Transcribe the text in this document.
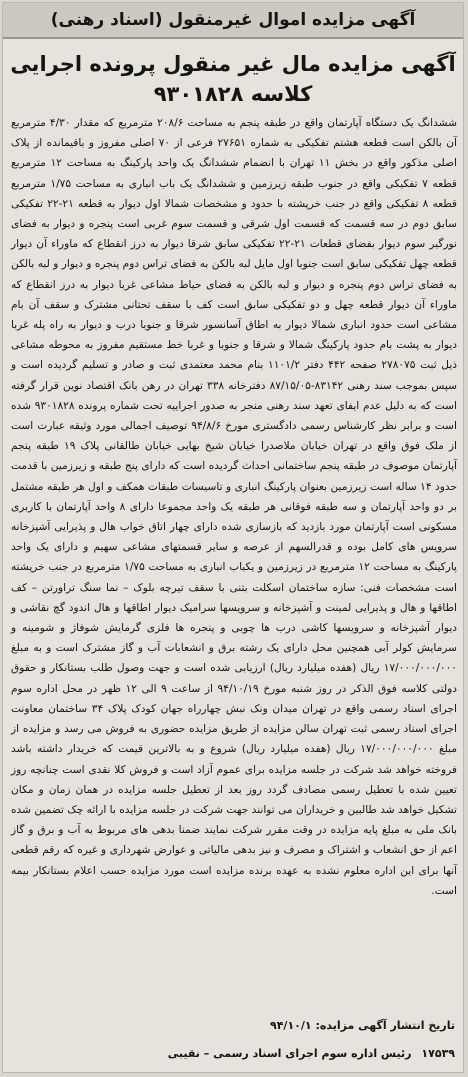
آگهی مزایده اموال غیرمنقول (اسناد رهنی)
آگهی مزایده مال غیر منقول پرونده اجرایی
کلاسه ۹۳۰۱۸۲۸

ششدانگ یک دستگاه آپارتمان واقع در طبقه پنجم به مساحت ۲۰۸/۶ مترمربع که مقدار ۴/۳۰ مترمربع آن بالکن است قطعه هشتم تفکیکی به شماره ۲۷۶۵۱ فرعی از ۷۰ اصلی مفروز و باقیمانده از پلاک اصلی مذکور واقع در بخش ۱۱ تهران با انضمام ششدانگ یک واحد پارکینگ به مساحت ۱۲ مترمربع قطعه ۷ تفکیکی واقع در جنوب طبقه زیرزمین و ششدانگ یک باب انباری به مساحت ۱/۷۵ مترمربع قطعه ۸ تفکیکی واقع در جنب خرپشته با حدود و مشخصات شمالا اول دیوار به قطعه ۲۱-۲۲ تفکیکی سابق دوم در سه قسمت که قسمت اول شرقی و قسمت سوم غربی است پنجره و دیوار به فضای نورگیر سوم دیوار بفضای قطعات ۲۱-۲۲ تفکیکی سابق شرقا دیوار به درز انقطاع که ماوراء آن دیوار قطعه چهل تفکیکی سابق است جنوبا اول مایل لبه بالکن به فضای تراس دوم پنجره و دیوار و لبه بالکن به فضای تراس دوم پنجره و دیوار و لبه بالکن به فضای حیاط مشاعی غربا دیوار به درز انقطاع که ماوراء آن دیوار قطعه چهل و دو تفکیکی سابق است کف با سقف تحتانی مشترک و سقف آن بام مشاعی است حدود انباری شمالا دیوار به اطاق آسانسور شرقا و جنوبا درب و دیوار به راه پله غربا دیوار به پشت بام حدود پارکینگ شمالا و شرقا و جنوبا و غربا خط مستقیم مفروز به محوطه مشاعی ذیل ثبت ۲۷۸۰۷۵ صفحه ۴۴۲ دفتر ۱۱۰۱/۲ بنام محمد معتمدی ثبت و صادر و تسلیم گردیده است و سپس بموجب سند رهنی ۸۳۱۴۲-۸۷/۱۵/۰۵ دفترخانه ۳۳۸ تهران در رهن بانک اقتصاد نوین قرار گرفته است که به دلیل عدم ایفای تعهد سند رهنی منجر به صدور اجراییه تحت شماره پرونده ۹۳۰۱۸۲۸ شده است و برابر نظر کارشناس رسمی دادگستری مورخ ۹۴/۸/۶ توصیف اجمالی مورد وثیقه عبارت است از ملک فوق واقع در تهران خیابان ملاصدرا خیابان شیخ بهایی خیابان طالقانی پلاک ۱۹ طبقه پنجم آپارتمان موصوف در طبقه پنجم ساختمانی احداث گردیده است که دارای پنج طبقه و زیرزمین با قدمت حدود ۱۴ ساله است زیرزمین بعنوان پارکینگ انباری و تاسیسات طبقات همکف و اول هر طبقه مشتمل بر دو واحد آپارتمان و سه طبقه فوقانی هر طبقه یک واحد مجموعا دارای ۸ واحد آپارتمان با کاربری مسکونی است آپارتمان مورد بازدید که بازسازی شده دارای چهار اتاق خواب هال و پذیرایی آشپزخانه سرویس های کامل بوده و قدرالسهم از عرصه و سایر قسمتهای مشاعی سهیم و دارای یک واحد پارکینگ به مساحت ۱۲ مترمربع در زیرزمین و یکباب انباری به مساحت ۱/۷۵ مترمربع در جنب خرپشته است مشخصات فنی: سازه ساختمان اسکلت بتنی با سقف تیرچه بلوک – نما سنگ تراورتن – کف اطاقها و هال و پذیرایی لمینت و آشپزخانه و سرویسها سرامیک دیوار اطاقها و هال اندود گچ نقاشی و دیوار آشپزخانه و سرویسها کاشی درب ها چوبی و پنجره ها فلزی گرمایش شوفاژ و شومینه و سرمایش کولر آبی همچنین محل دارای یک رشته برق و انشعابات آب و گاز مشترک است و به مبلغ ۱۷/۰۰۰/۰۰۰/۰۰۰ ریال (هفده میلیارد ریال) ارزیابی شده است و جهت وصول طلب بستانکار و حقوق دولتی کلاسه فوق الذکر در روز شنبه مورخ ۹۴/۱۰/۱۹ از ساعت ۹ الی ۱۲ ظهر در محل اداره سوم اجرای اسناد رسمی واقع در تهران میدان ونک نبش چهارراه جهان کودک پلاک ۳۴ ساختمان معاونت اجرای اسناد رسمی ثبت تهران سالن مزایده از طریق مزایده حضوری به فروش می رسد و مزایده از مبلغ ۱۷/۰۰۰/۰۰۰/۰۰۰ ریال (هفده میلیارد ریال) شروع و به بالاترین قیمت که خریدار داشته باشد فروخته خواهد شد شرکت در جلسه مزایده برای عموم آزاد است و فروش کلا نقدی است چنانچه روز تعیین شده با تعطیل رسمی مصادف گردد روز بعد از تعطیل جلسه مزایده در همان زمان و مکان تشکیل خواهد شد طالبین و خریداران می توانند جهت شرکت در جلسه مزایده با ارائه چک تضمین شده بانک ملی به مبلغ پایه مزایده در وقت مقرر شرکت نمایند ضمنا بدهی های مربوط به آب و برق و گاز اعم از حق انشعاب و اشتراک و مصرف و نیز بدهی مالیاتی و عوارض شهرداری و غیره که رقم قطعی آنها برای این اداره معلوم نشده به عهده برنده مزایده است مورد مزایده حسب اعلام بستانکار بیمه است.

تاریخ انتشار آگهی مزایده: ۹۴/۱۰/۱
۱۷۵۳۹
رئیس اداره سوم اجرای اسناد رسمی – نقیبی
